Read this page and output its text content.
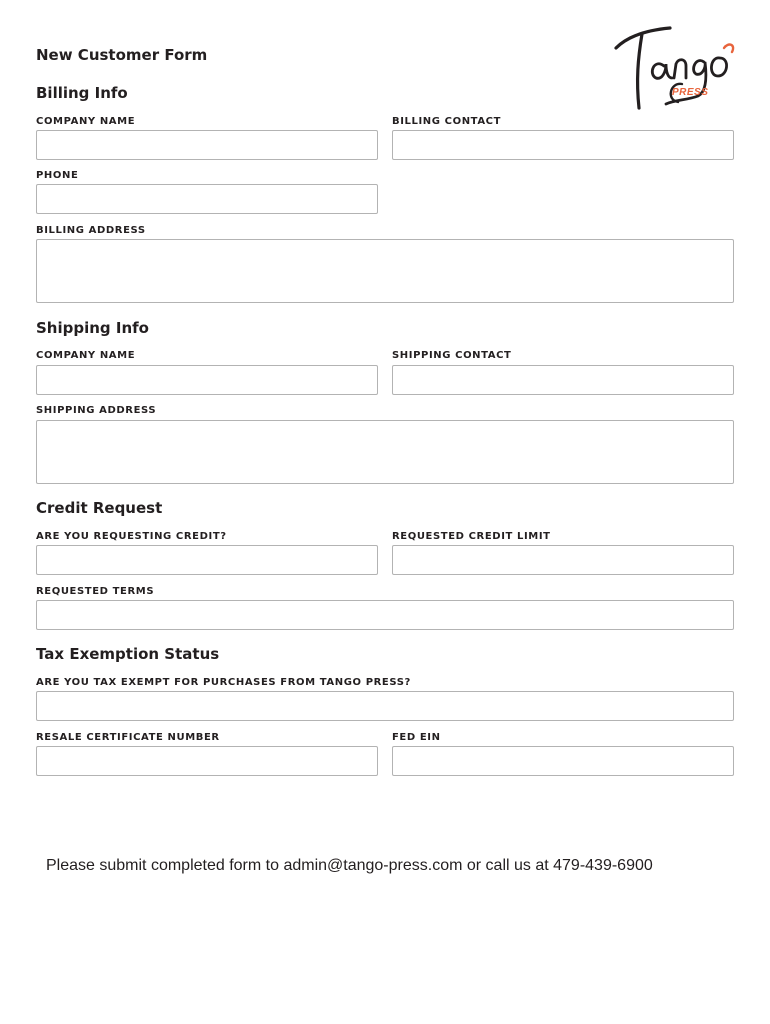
PRESS
New Customer Form
Billing Info
COMPANY NAME	BILLING CONTACT
PHONE
BILLING ADDRESS
Shipping Info
COMPANY NAME	SHIPPING CONTACT
SHIPPING ADDRESS
Credit Request
ARE YOU REQUESTING CREDIT?	REQUESTED CREDIT LIMIT
REQUESTED TERMS
Tax Exemption Status
ARE YOU TAX EXEMPT FOR PURCHASES FROM TANGO PRESS?
RESALE CERTIFICATE NUMBER	FED EIN
Please submit completed form to admin@tango-press.com or call us at 479-439-6900
